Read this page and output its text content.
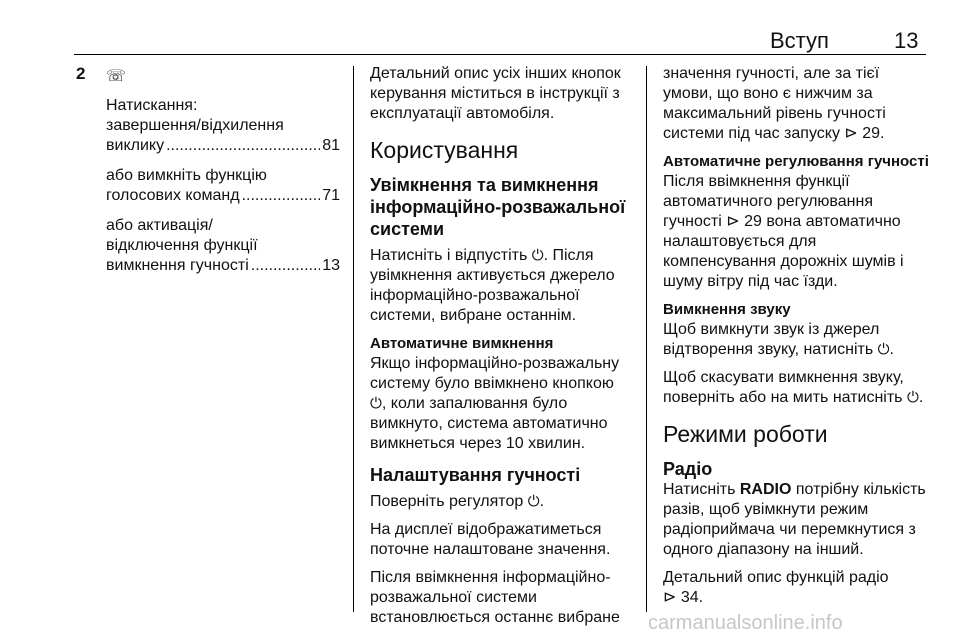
Вступ	13
2 ☏

Натискання:

завершення/відхилення
виклику .....	81
або вимкніть функцію
голосових команд .....	71
або активація/
відключення функції
вимкнення гучності .....	13

Детальний опис усіх інших кнопок
керування міститься в інструкції з
експлуатації автомобіля.

Користування
Увімкнення та вимкнення
інформаційно-розважальної
системи

Натисніть і відпустіть ⏻. Після
увімкнення активується джерело
інформаційно-розважальної
системи, вибране останнім.

Автоматичне вимкнення

Якщо інформаційно-розважальну
систему було ввімкнено кнопкою
⏻, коли запалювання було
вимкнуто, система автоматично
вимкнеться через 10 хвилин.

Налаштування гучності

Поверніть регулятор ⏻.

На дисплеї відображатиметься
поточне налаштоване значення.

Після ввімкнення інформаційно-
розважальної системи
встановлюється останнє вибране

значення гучності, але за тієї
умови, що воно є нижчим за
максимальний рівень гучності
системи під час запуску ⊳ 29.

Автоматичне регулювання гучності

Після ввімкнення функції
автоматичного регулювання
гучності ⊳ 29 вона автоматично
налаштовується для
компенсування дорожніх шумів і
шуму вітру під час їзди.

Вимкнення звуку

Щоб вимкнути звук із джерел
відтворення звуку, натисніть ⏻.

Щоб скасувати вимкнення звуку,
поверніть або на мить натисніть ⏻.

Режими роботи
Радіо

Натисніть RADIO потрібну кількість
разів, щоб увімкнути режим
радіоприймача чи перемкнутися з
одного діапазону на інший.

Детальний опис функцій радіо
⊳ 34.

carmanualsonline.info
